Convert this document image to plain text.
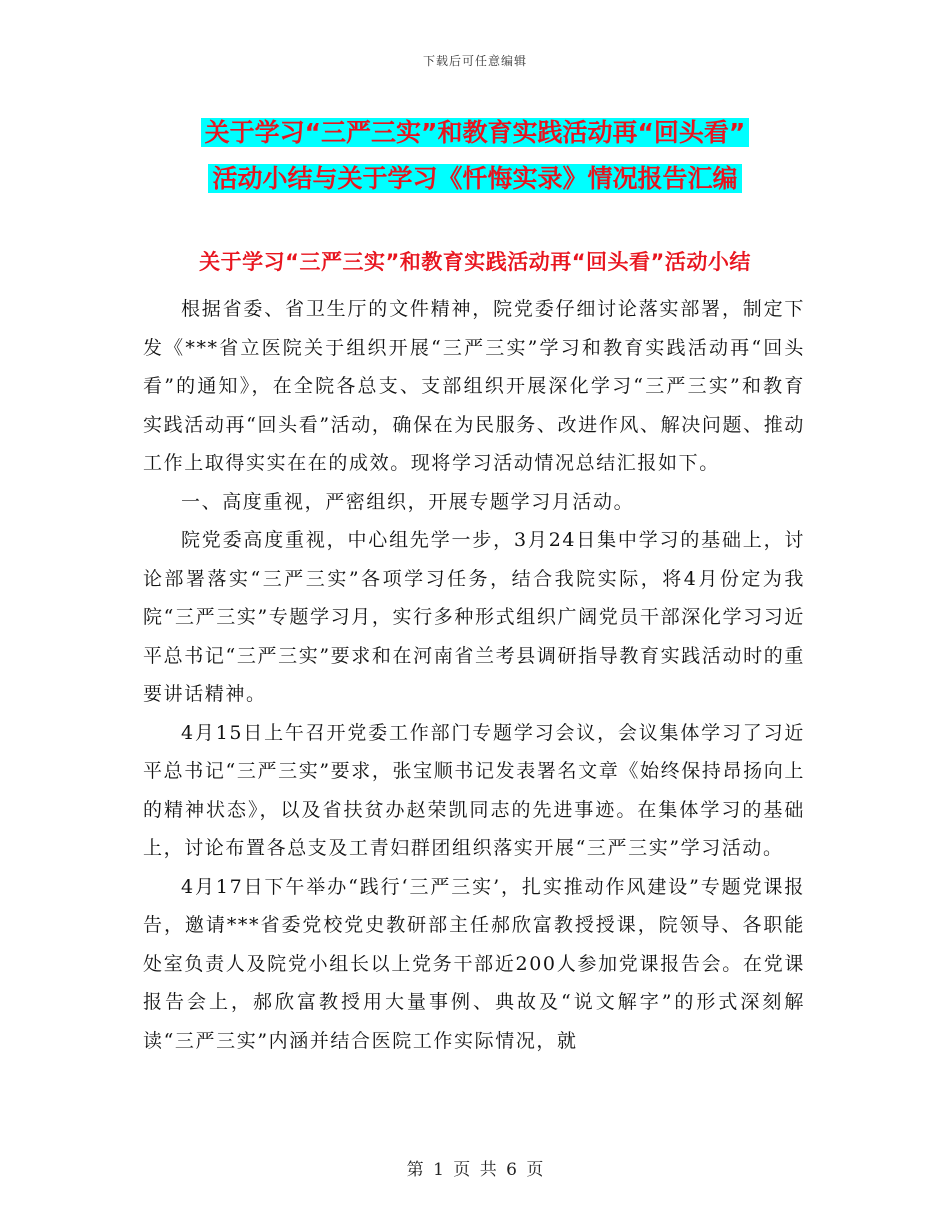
下载后可任意编辑
关于学习“三严三实”和教育实践活动再“回头看”
活动小结与关于学习《忏悔实录》情况报告汇编
关于学习“三严三实”和教育实践活动再“回头看”活动小结

根据省委、省卫生厅的文件精神，院党委仔细讨论落实部署，制定下发《***省立医院关于组织开展“三严三实”学习和教育实践活动再“回头看”的通知》，在全院各总支、支部组织开展深化学习“三严三实”和教育实践活动再“回头看”活动，确保在为民服务、改进作风、解决问题、推动工作上取得实实在在的成效。现将学习活动情况总结汇报如下。

一、高度重视，严密组织，开展专题学习月活动。

院党委高度重视，中心组先学一步，3月24日集中学习的基础上，讨论部署落实“三严三实”各项学习任务，结合我院实际，将4月份定为我院“三严三实”专题学习月，实行多种形式组织广阔党员干部深化学习习近平总书记“三严三实”要求和在河南省兰考县调研指导教育实践活动时的重要讲话精神。

4月15日上午召开党委工作部门专题学习会议，会议集体学习了习近平总书记“三严三实”要求，张宝顺书记发表署名文章《始终保持昂扬向上的精神状态》，以及省扶贫办赵荣凯同志的先进事迹。在集体学习的基础上，讨论布置各总支及工青妇群团组织落实开展“三严三实”学习活动。

4月17日下午举办“践行‘三严三实’，扎实推动作风建设”专题党课报告，邀请***省委党校党史教研部主任郝欣富教授授课，院领导、各职能处室负责人及院党小组长以上党务干部近200人参加党课报告会。在党课报告会上，郝欣富教授用大量事例、典故及“说文解字”的形式深刻解读“三严三实”内涵并结合医院工作实际情况，就

第 1 页 共 6 页
